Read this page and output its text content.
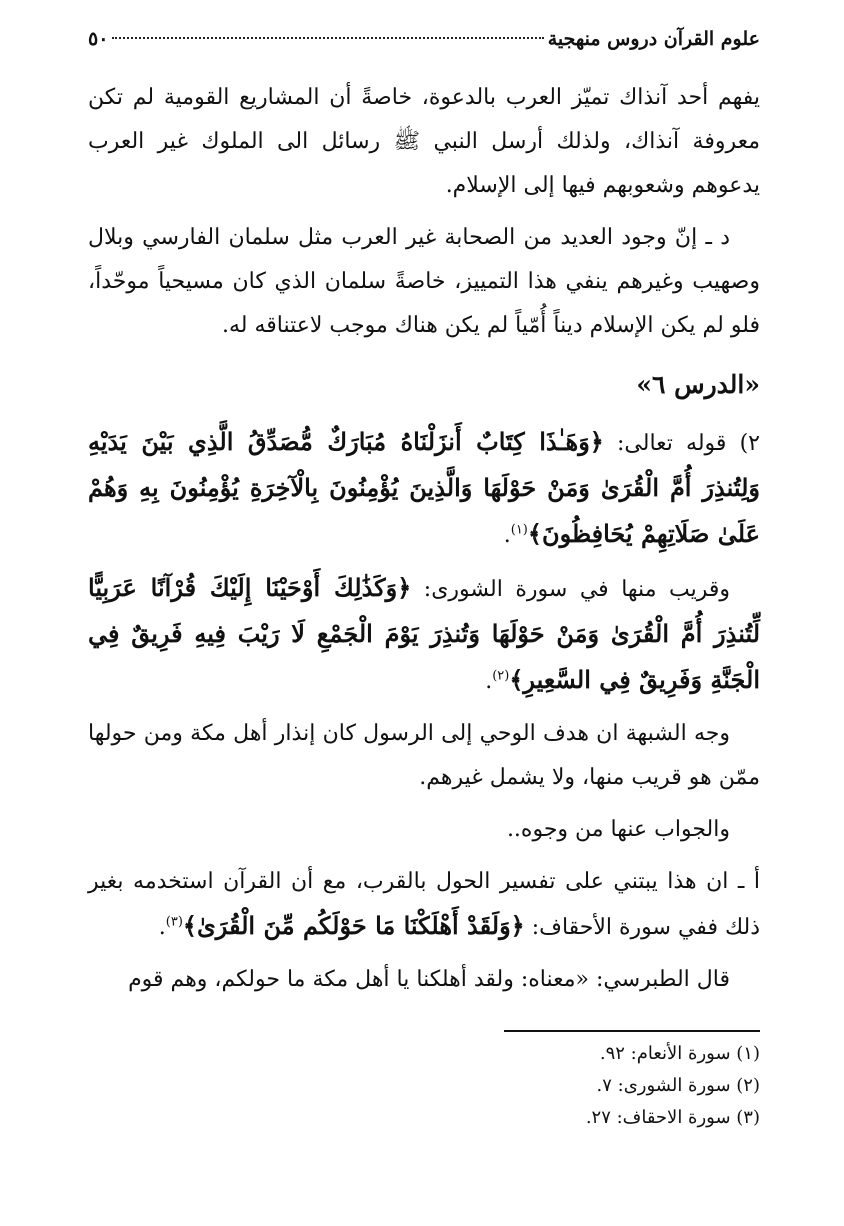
علوم القرآن دروس منهجية
٥٠

يفهم أحد آنذاك تميّز العرب بالدعوة، خاصةً أن المشاريع القومية لم تكن معروفة آنذاك، ولذلك أرسل النبي ﷺ رسائل الى الملوك غير العرب يدعوهم وشعوبهم فيها إلى الإسلام.

د ـ إنّ وجود العديد من الصحابة غير العرب مثل سلمان الفارسي وبلال وصهيب وغيرهم ينفي هذا التمييز، خاصةً سلمان الذي كان مسيحياً موحّداً، فلو لم يكن الإسلام ديناً أُمّياً لم يكن هناك موجب لاعتناقه له.

«الدرس ٦»

٢) قوله تعالى: ﴿وَهَـٰذَا كِتَابٌ أَنزَلْنَاهُ مُبَارَكٌ مُّصَدِّقُ الَّذِي بَيْنَ يَدَيْهِ وَلِتُنذِرَ أُمَّ الْقُرَىٰ وَمَنْ حَوْلَهَا وَالَّذِينَ يُؤْمِنُونَ بِالْآخِرَةِ يُؤْمِنُونَ بِهِ وَهُمْ عَلَىٰ صَلَاتِهِمْ يُحَافِظُونَ﴾$^{(١)}$.

وقريب منها في سورة الشورى: ﴿وَكَذَٰلِكَ أَوْحَيْنَا إِلَيْكَ قُرْآنًا عَرَبِيًّا لِّتُنذِرَ أُمَّ الْقُرَىٰ وَمَنْ حَوْلَهَا وَتُنذِرَ يَوْمَ الْجَمْعِ لَا رَيْبَ فِيهِ فَرِيقٌ فِي الْجَنَّةِ وَفَرِيقٌ فِي السَّعِيرِ﴾$^{(٢)}$.

وجه الشبهة ان هدف الوحي إلى الرسول كان إنذار أهل مكة ومن حولها ممّن هو قريب منها، ولا يشمل غيرهم.

والجواب عنها من وجوه..

أ ـ ان هذا يبتني على تفسير الحول بالقرب، مع أن القرآن استخدمه بغير ذلك ففي سورة الأحقاف: ﴿وَلَقَدْ أَهْلَكْنَا مَا حَوْلَكُم مِّنَ الْقُرَىٰ﴾$^{(٣)}$.

قال الطبرسي: «معناه: ولقد أهلكنا يا أهل مكة ما حولكم، وهم قوم

(١) سورة الأنعام: ٩٢.

(٢) سورة الشورى: ٧.

(٣) سورة الاحقاف: ٢٧.
